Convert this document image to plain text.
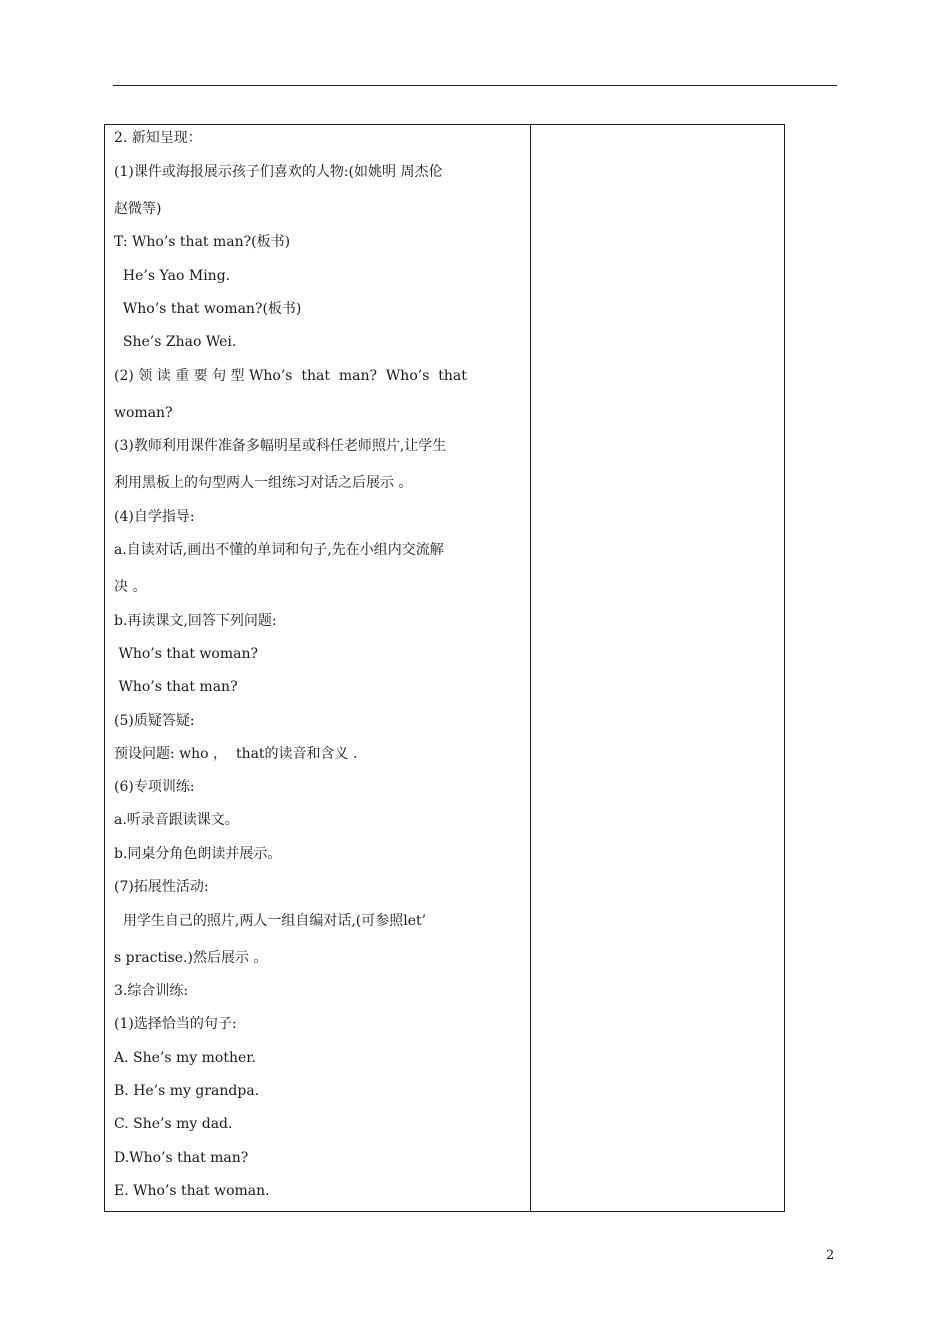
2. 新知呈现：
(1)课件或海报展示孩子们喜欢的人物:(如姚明 周杰伦
赵微等)
T: Who’s that man?(板书)
He’s Yao Ming.
Who’s that woman?(板书)
She’s Zhao Wei.
(2) 领 读 重 要 句 型 Who’s  that  man?  Who’s  that
woman?
(3)教师利用课件准备多幅明星或科任老师照片,让学生
利用黑板上的句型两人一组练习对话之后展示 。
(4)自学指导:
a.自读对话,画出不懂的单词和句子,先在小组内交流解
决 。
b.再读课文,回答下列问题:
Who’s that woman?
Who’s that man?
(5)质疑答疑:
预设问题: who ，  that的读音和含义 .
(6)专项训练:
a.听录音跟读课文。
b.同桌分角色朗读并展示。
(7)拓展性活动:
用学生自己的照片,两人一组自编对话,(可参照let’
s practise.)然后展示 。
3.综合训练:
(1)选择恰当的句子:
A. She’s my mother.
B. He’s my grandpa.
C. She’s my dad.
D.Who’s that man?
E. Who’s that woman.
2
